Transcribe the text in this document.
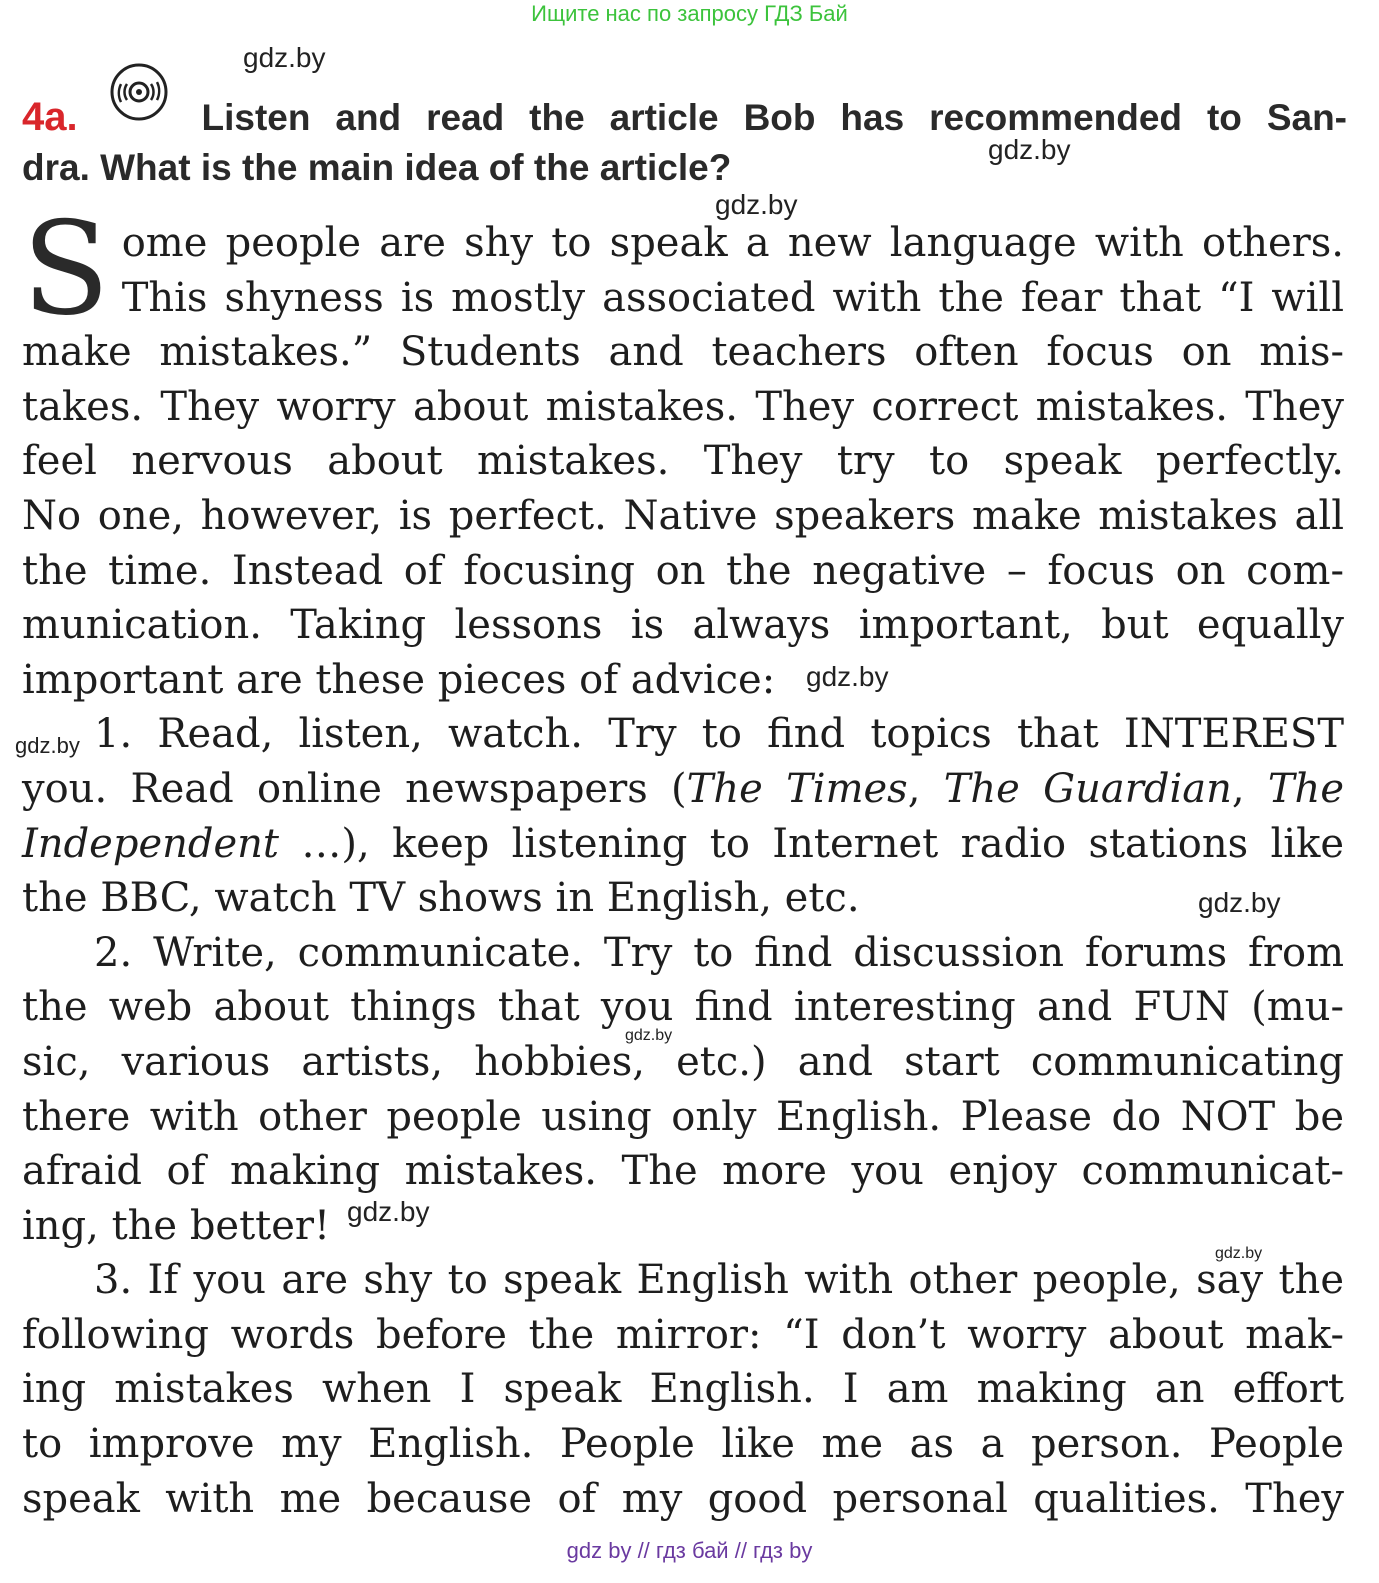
Ищите нас по запросу ГДЗ Бай
4a.	Listen and read the article Bob has recommended to San-
dra. What is the main idea of the article?
S ome people are shy to speak a new language with others.
This shyness is mostly associated with the fear that “I will
make mistakes.” Students and teachers often focus on mis-
takes. They worry about mistakes. They correct mistakes. They
feel nervous about mistakes. They try to speak perfectly.
No one, however, is perfect. Native speakers make mistakes all
the time. Instead of focusing on the negative – focus on com-
munication. Taking lessons is always important, but equally
important are these pieces of advice:
1. Read, listen, watch. Try to find topics that INTEREST
you. Read online newspapers (The Times, The Guardian, The
Independent …), keep listening to Internet radio stations like
the BBC, watch TV shows in English, etc.
2. Write, communicate. Try to find discussion forums from
the web about things that you find interesting and FUN (mu-
sic, various artists, hobbies, etc.) and start communicating
there with other people using only English. Please do NOT be
afraid of making mistakes. The more you enjoy communicat-
ing, the better!
3. If you are shy to speak English with other people, say the
following words before the mirror: “I don’t worry about mak-
ing mistakes when I speak English. I am making an effort
to improve my English. People like me as a person. People
speak with me because of my good personal qualities. They
gdz.by
gdz.by
gdz.by
gdz.by
gdz.by
gdz.by
gdz.by
gdz.by
gdz.by
gdz by // гдз бай // гдз by
